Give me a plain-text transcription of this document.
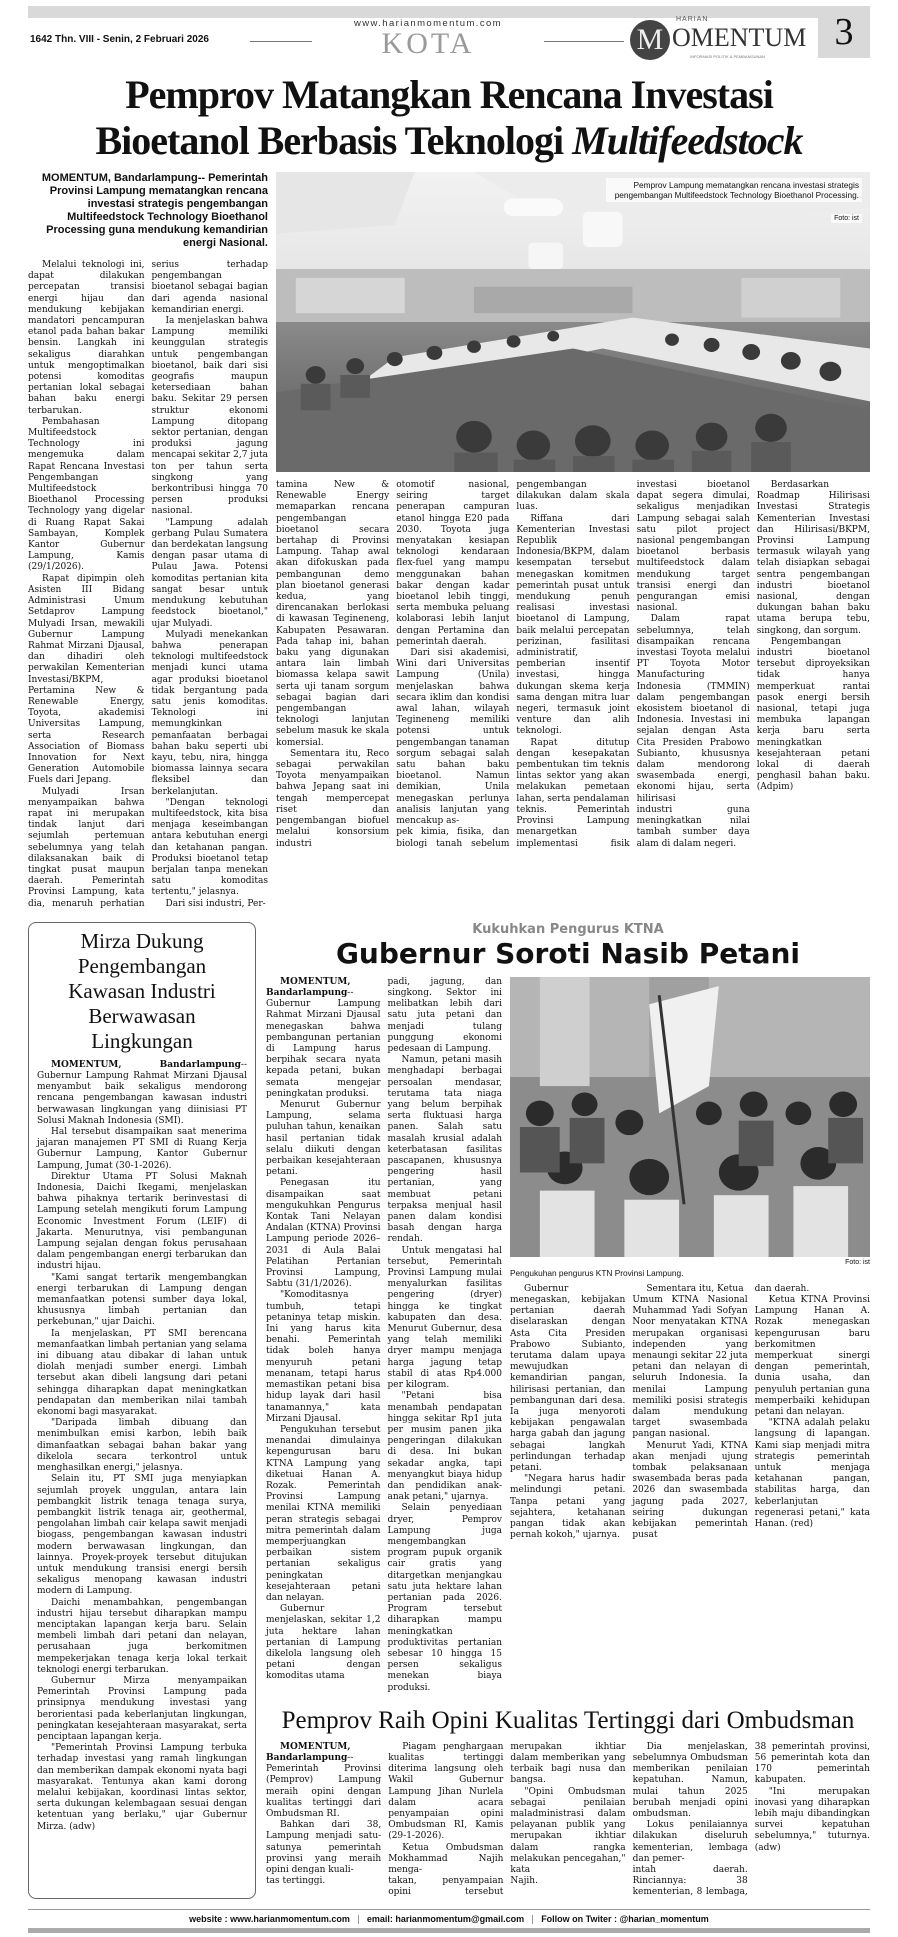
3
1642 Thn. VIII - Senin, 2 Februari 2026
www.harianmomentum.com
KOTA	M
HARIAN
OMENTUM
INFORMASI POLITIK & PEMBANGUNAN
Pemprov Matangkan Rencana Investasi
Bioetanol Berbasis Teknologi Multifeedstock
MOMENTUM, Bandarlampung-- Pemerintah Provinsi Lampung mematangkan rencana investasi strategis pengembangan Multifeedstock Technology Bioethanol Processing guna mendukung kemandirian energi Nasional.

Melalui teknologi ini, dapat dilakukan percepatan transisi energi hijau dan mendukung kebijakan mandatori pencampuran etanol pada bahan bakar bensin. Langkah ini sekaligus diarahkan untuk mengoptimalkan potensi komoditas pertanian lokal sebagai bahan baku energi terbarukan.

Pembahasan Multifeedstock Technology ini mengemuka dalam Rapat Rencana Investasi Pengembangan Multifeedstock Bioethanol Processing Technology yang digelar di Ruang Rapat Sakai Sambayan, Komplek Kantor Gubernur Lampung, Kamis (29/1/2026).

Rapat dipimpin oleh Asisten III Bidang Administrasi Umum Setdaprov Lampung Mulyadi Irsan, mewakili Gubernur Lampung Rahmat Mirzani Djausal, dan dihadiri oleh perwakilan Kementerian Investasi/BKPM, Pertamina New & Renewable Energy, Toyota, akademisi Universitas Lampung, serta Research Association of Biomass Innovation for Next Generation Automobile Fuels dari Jepang.

Mulyadi Irsan menyampaikan bahwa rapat ini merupakan tindak lanjut dari sejumlah pertemuan sebelumnya yang telah dilaksanakan baik di tingkat pusat maupun daerah. Pemerintah Provinsi Lampung, kata dia, menaruh perhatian serius terhadap pengembangan

bioetanol sebagai bagian dari agenda nasional kemandirian energi.

Ia menjelaskan bahwa Lampung memiliki keunggulan strategis untuk pengembangan bioetanol, baik dari sisi geografis maupun ketersediaan bahan baku. Sekitar 29 persen struktur ekonomi Lampung ditopang sektor pertanian, dengan produksi jagung mencapai sekitar 2,7 juta ton per tahun serta singkong yang berkontribusi hingga 70 persen produksi nasional.

"Lampung adalah gerbang Pulau Sumatera dan berdekatan langsung dengan pasar utama di Pulau Jawa. Potensi komoditas pertanian kita sangat besar untuk mendukung kebutuhan feedstock bioetanol," ujar Mulyadi.

Mulyadi menekankan bahwa penerapan teknologi multifeedstock menjadi kunci utama agar produksi bioetanol tidak bergantung pada satu jenis komoditas. Teknologi ini memungkinkan pemanfaatan berbagai bahan baku seperti ubi kayu, tebu, nira, hingga biomassa lainnya secara fleksibel dan berkelanjutan.

"Dengan teknologi multifeedstock, kita bisa menjaga keseimbangan antara kebutuhan energi dan ketahanan pangan. Produksi bioetanol tetap berjalan tanpa menekan satu komoditas tertentu," jelasnya.

Dari sisi industri, Per-

Pemprov Lampung mematangkan rencana investasi strategis pengembangan Multifeedstock Technology Bioethanol Processing.
Foto: ist

tamina New & Renewable Energy memaparkan rencana pengembangan bioetanol secara bertahap di Provinsi Lampung. Tahap awal akan difokuskan pada pembangunan demo plan bioetanol generasi kedua, yang direncanakan berlokasi di kawasan Tegineneng, Kabupaten Pesawaran. Pada tahap ini, bahan baku yang digunakan antara lain limbah biomassa kelapa sawit serta uji tanam sorgum sebagai bagian dari pengembangan teknologi lanjutan sebelum masuk ke skala komersial.

Sementara itu, Reco sebagai perwakilan Toyota menyampaikan bahwa Jepang saat ini tengah mempercepat riset dan pengembangan biofuel melalui konsorsium industri

otomotif nasional, seiring target penerapan campuran etanol hingga E20 pada 2030. Toyota juga menyatakan kesiapan teknologi kendaraan flex-fuel yang mampu menggunakan bahan bakar dengan kadar bioetanol lebih tinggi, serta membuka peluang kolaborasi lebih lanjut dengan Pertamina dan pemerintah daerah.

Dari sisi akademisi, Wini dari Universitas Lampung (Unila) menjelaskan bahwa secara iklim dan kondisi awal lahan, wilayah Tegineneng memiliki potensi untuk pengembangan tanaman sorgum sebagai salah satu bahan baku bioetanol. Namun demikian, Unila menegaskan perlunya analisis lanjutan yang mencakup as-

pek kimia, fisika, dan biologi tanah sebelum pengembangan dilakukan dalam skala luas.

Riffana dari Kementerian Investasi Republik Indonesia/BKPM, dalam kesempatan tersebut menegaskan komitmen pemerintah pusat untuk mendukung penuh realisasi investasi bioetanol di Lampung, baik melalui percepatan perizinan, fasilitasi administratif, pemberian insentif investasi, hingga dukungan skema kerja sama dengan mitra luar negeri, termasuk joint venture dan alih teknologi.

Rapat ditutup dengan kesepakatan pembentukan tim teknis lintas sektor yang akan melakukan pemetaan lahan, serta pendalaman

teknis. Pemerintah Provinsi Lampung menargetkan implementasi fisik investasi bioetanol dapat segera dimulai, sekaligus menjadikan Lampung sebagai salah satu pilot project nasional pengembangan bioetanol berbasis multifeedstock dalam mendukung target transisi energi dan pengurangan emisi nasional.

Dalam rapat sebelumnya, telah disampaikan rencana investasi Toyota melalui PT Toyota Motor Manufacturing Indonesia (TMMIN) dalam pengembangan ekosistem bioetanol di Indonesia. Investasi ini sejalan dengan Asta Cita Presiden Prabowo Subianto, khususnya dalam mendorong swasembada energi, ekonomi hijau, serta hilirisasi

industri guna meningkatkan nilai tambah sumber daya alam di dalam negeri.

Berdasarkan Roadmap Hilirisasi Investasi Strategis Kementerian Investasi dan Hilirisasi/BKPM, Provinsi Lampung termasuk wilayah yang telah disiapkan sebagai sentra pengembangan industri bioetanol nasional, dengan dukungan bahan baku utama berupa tebu, singkong, dan sorgum.

Pengembangan industri bioetanol tersebut diproyeksikan tidak hanya memperkuat rantai pasok energi bersih nasional, tetapi juga membuka lapangan kerja baru serta meningkatkan kesejahteraan petani lokal di daerah penghasil bahan baku. (Adpim)

Mirza Dukung Pengembangan Kawasan Industri Berwawasan Lingkungan

MOMENTUM, Bandarlampung--Gubernur Lampung Rahmat Mirzani Djausal menyambut baik sekaligus mendorong rencana pengembangan kawasan industri berwawasan lingkungan yang diinisiasi PT Solusi Maknah Indonesia (SMI).

Hal tersebut disampaikan saat menerima jajaran manajemen PT SMI di Ruang Kerja Gubernur Lampung, Kantor Gubernur Lampung, Jumat (30-1-2026).

Direktur Utama PT Solusi Maknah Indonesia, Daichi Ikegami, menjelaskan bahwa pihaknya tertarik berinvestasi di Lampung setelah mengikuti forum Lampung Economic Investment Forum (LEIF) di Jakarta. Menurutnya, visi pembangunan Lampung sejalan dengan fokus perusahaan dalam pengembangan energi terbarukan dan industri hijau.

"Kami sangat tertarik mengembangkan energi terbarukan di Lampung dengan memanfaatkan potensi sumber daya lokal, khususnya limbah pertanian dan perkebunan," ujar Daichi.

Ia menjelaskan, PT SMI berencana memanfaatkan limbah pertanian yang selama ini dibuang atau dibakar di lahan untuk diolah menjadi sumber energi. Limbah tersebut akan dibeli langsung dari petani sehingga diharapkan dapat meningkatkan pendapatan dan memberikan nilai tambah ekonomi bagi masyarakat.

"Daripada limbah dibuang dan menimbulkan emisi karbon, lebih baik dimanfaatkan sebagai bahan bakar yang dikelola secara terkontrol untuk menghasilkan energi," jelasnya.

Selain itu, PT SMI juga menyiapkan sejumlah proyek unggulan, antara lain pembangkit listrik tenaga tenaga surya, pembangkit listrik tenaga air, geothermal, pengolahan limbah cair kelapa sawit menjadi biogass, pengembangan kawasan industri modern berwawasan lingkungan, dan lainnya. Proyek-proyek tersebut ditujukan untuk mendukung transisi energi bersih sekaligus menopang kawasan industri modern di Lampung.

Daichi menambahkan, pengembangan industri hijau tersebut diharapkan mampu menciptakan lapangan kerja baru. Selain membeli limbah dari petani dan nelayan, perusahaan juga berkomitmen mempekerjakan tenaga kerja lokal terkait teknologi energi terbarukan.

Gubernur Mirza menyampaikan Pemerintah Provinsi Lampung pada prinsipnya mendukung investasi yang berorientasi pada keberlanjutan lingkungan, peningkatan kesejahteraan masyarakat, serta penciptaan lapangan kerja.

"Pemerintah Provinsi Lampung terbuka terhadap investasi yang ramah lingkungan dan memberikan dampak ekonomi nyata bagi masyarakat. Tentunya akan kami dorong melalui kebijakan, koordinasi lintas sektor, serta dukungan kelembagaan sesuai dengan ketentuan yang berlaku," ujar Gubernur Mirza. (adw)

Kukuhkan Pengurus KTNA
Gubernur Soroti Nasib Petani

MOMENTUM, Bandarlampung--Gubernur Lampung Rahmat Mirzani Djausal menegaskan bahwa pembangunan pertanian di Lampung harus berpihak secara nyata kepada petani, bukan semata mengejar peningkatan produksi.

Menurut Gubernur Lampung, selama puluhan tahun, kenaikan hasil pertanian tidak selalu diikuti dengan perbaikan kesejahteraan petani.

Penegasan itu disampaikan saat mengukuhkan Pengurus Kontak Tani Nelayan Andalan (KTNA) Provinsi Lampung periode 2026–2031 di Aula Balai Pelatihan Pertanian Provinsi Lampung, Sabtu (31/1/2026).

"Komoditasnya tumbuh, tetapi petaninya tetap miskin. Ini yang harus kita benahi. Pemerintah tidak boleh hanya menyuruh petani menanam, tetapi harus memastikan petani bisa hidup layak dari hasil tanamannya," kata Mirzani Djausal.

Pengukuhan tersebut menandai dimulainya kepengurusan baru KTNA Lampung yang diketuai Hanan A. Rozak. Pemerintah Provinsi Lampung menilai KTNA memiliki peran strategis sebagai mitra pemerintah dalam memperjuangkan perbaikan sistem pertanian sekaligus peningkatan kesejahteraan petani dan nelayan.

Gubernur menjelaskan, sekitar 1,2 juta hektare lahan pertanian di Lampung dikelola langsung oleh petani dengan komoditas utama

padi, jagung, dan singkong. Sektor ini melibatkan lebih dari satu juta petani dan menjadi tulang punggung ekonomi pedesaan di Lampung.

Namun, petani masih menghadapi berbagai persoalan mendasar, terutama tata niaga yang belum berpihak serta fluktuasi harga panen. Salah satu masalah krusial adalah keterbatasan fasilitas pascapanen, khususnya pengering hasil pertanian, yang membuat petani terpaksa menjual hasil panen dalam kondisi basah dengan harga rendah.

Untuk mengatasi hal tersebut, Pemerintah Provinsi Lampung mulai menyalurkan fasilitas pengering (dryer) hingga ke tingkat kabupaten dan desa. Menurut Gubernur, desa yang telah memiliki dryer mampu menjaga harga jagung tetap stabil di atas Rp4.000 per kilogram.

"Petani bisa menambah pendapatan hingga sekitar Rp1 juta per musim panen jika pengeringan dilakukan di desa. Ini bukan sekadar angka, tapi menyangkut biaya hidup dan pendidikan anak-anak petani," ujarnya.

Selain penyediaan dryer, Pemprov Lampung juga mengembangkan program pupuk organik cair gratis yang ditargetkan menjangkau satu juta hektare lahan pertanian pada 2026. Program tersebut diharapkan mampu meningkatkan produktivitas pertanian sebesar 10 hingga 15 persen sekaligus menekan biaya produksi.

Foto: ist
Pengukuhan pengurus KTN Provinsi Lampung.

Gubernur menegaskan, kebijakan pertanian daerah diselaraskan dengan Asta Cita Presiden Prabowo Subianto, terutama dalam upaya mewujudkan kemandirian pangan, hilirisasi pertanian, dan pembangunan dari desa. Ia juga menyoroti kebijakan pengawalan harga gabah dan jagung sebagai langkah perlindungan terhadap petani.

"Negara harus hadir melindungi petani. Tanpa petani yang sejahtera, ketahanan pangan tidak akan pernah kokoh," ujarnya.

Sementara itu, Ketua

Umum KTNA Nasional Muhammad Yadi Sofyan Noor menyatakan KTNA merupakan organisasi independen yang menaungi sekitar 22 juta petani dan nelayan di seluruh Indonesia. Ia menilai Lampung memiliki posisi strategis dalam mendukung target swasembada pangan nasional.

Menurut Yadi, KTNA akan menjadi ujung tombak pelaksanaan swasembada beras pada 2026 dan swasembada jagung pada 2027, seiring dukungan kebijakan pemerintah pusat

dan daerah.

Ketua KTNA Provinsi Lampung Hanan A. Rozak menegaskan kepengurusan baru berkomitmen memperkuat sinergi dengan pemerintah, dunia usaha, dan penyuluh pertanian guna memperbaiki kehidupan petani dan nelayan.

"KTNA adalah pelaku langsung di lapangan. Kami siap menjadi mitra strategis pemerintah untuk menjaga ketahanan pangan, stabilitas harga, dan keberlanjutan regenerasi petani," kata Hanan. (red)

Pemprov Raih Opini Kualitas Tertinggi dari Ombudsman

MOMENTUM, Bandarlampung--Pemerintah Provinsi (Pemprov) Lampung meraih opini dengan kualitas tertinggi dari Ombudsman RI.

Bahkan dari 38, Lampung menjadi satu-satunya pemerintah provinsi yang meraih opini dengan kuali-

tas tertinggi.

Piagam penghargaan kualitas tertinggi diterima langsung oleh Wakil Gubernur Lampung Jihan Nurlela dalam acara penyampaian opini Ombudsman RI, Kamis (29-1-2026).

Ketua Ombudsman Mokhammad Najih menga-

takan, penyampaian opini tersebut merupakan ikhtiar dalam memberikan yang terbaik bagi nusa dan bangsa.

"Opini Ombudsman sebagai penilaian maladministrasi dalam pelayanan publik yang merupakan ikhtiar dalam rangka melakukan pencegahan," kata

Najih.

Dia menjelaskan, sebelumnya Ombudsman memberikan penilaian kepatuhan. Namun, mulai tahun 2025 berubah menjadi opini ombudsman.

Lokus penilaiannya dilakukan diseluruh kementerian, lembaga dan pemer-

intah daerah. Rinciannya: 38 kementerian, 8 lembaga, 38 pemerintah provinsi, 56 pemerintah kota dan 170 pemerintah kabupaten.

"Ini merupakan inovasi yang diharapkan lebih maju dibandingkan survei kepatuhan sebelumnya," tuturnya. (adw)

website : www.harianmomentum.com email: harianmomentum@gmail.com Follow on Twiter : @harian_momentum
